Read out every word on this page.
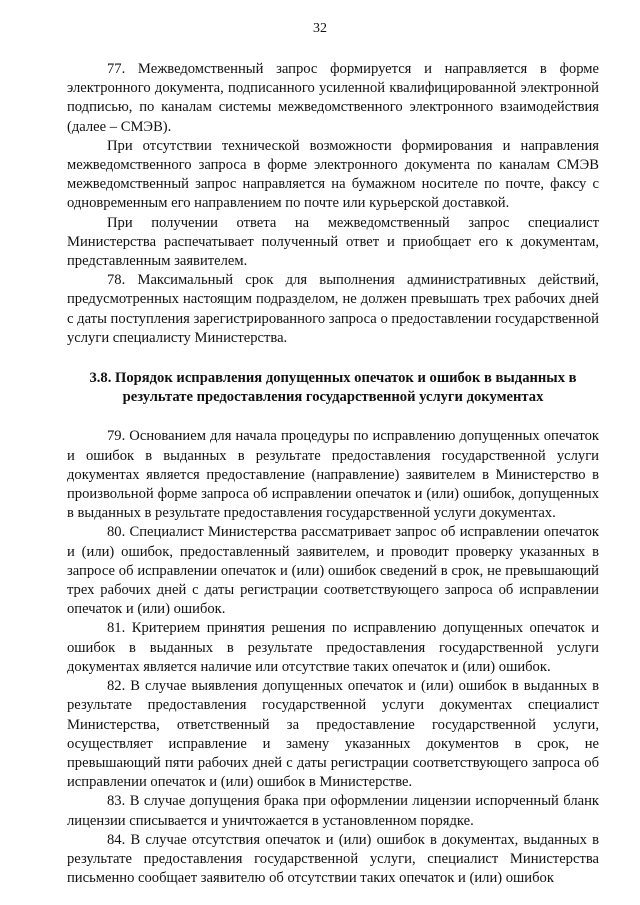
32

77. Межведомственный запрос формируется и направляется в форме электронного документа, подписанного усиленной квалифицированной электронной подписью, по каналам системы межведомственного электронного взаимодействия (далее – СМЭВ).

При отсутствии технической возможности формирования и направления межведомственного запроса в форме электронного документа по каналам СМЭВ межведомственный запрос направляется на бумажном носителе по почте, факсу с одновременным его направлением по почте или курьерской доставкой.

При получении ответа на межведомственный запрос специалист Министерства распечатывает полученный ответ и приобщает его к документам, представленным заявителем.

78. Максимальный срок для выполнения административных действий, предусмотренных настоящим подразделом, не должен превышать трех рабочих дней с даты поступления зарегистрированного запроса о предоставлении государственной услуги специалисту Министерства.

3.8. Порядок исправления допущенных опечаток и ошибок в выданных в результате предоставления государственной услуги документах

79. Основанием для начала процедуры по исправлению допущенных опечаток и ошибок в выданных в результате предоставления государственной услуги документах является предоставление (направление) заявителем в Министерство в произвольной форме запроса об исправлении опечаток и (или) ошибок, допущенных в выданных в результате предоставления государственной услуги документах.

80. Специалист Министерства рассматривает запрос об исправлении опечаток и (или) ошибок, предоставленный заявителем, и проводит проверку указанных в запросе об исправлении опечаток и (или) ошибок сведений в срок, не превышающий трех рабочих дней с даты регистрации соответствующего запроса об исправлении опечаток и (или) ошибок.

81. Критерием принятия решения по исправлению допущенных опечаток и ошибок в выданных в результате предоставления государственной услуги документах является наличие или отсутствие таких опечаток и (или) ошибок.

82. В случае выявления допущенных опечаток и (или) ошибок в выданных в результате предоставления государственной услуги документах специалист Министерства, ответственный за предоставление государственной услуги, осуществляет исправление и замену указанных документов в срок, не превышающий пяти рабочих дней с даты регистрации соответствующего запроса об исправлении опечаток и (или) ошибок в Министерстве.

83. В случае допущения брака при оформлении лицензии испорченный бланк лицензии списывается и уничтожается в установленном порядке.

84. В случае отсутствия опечаток и (или) ошибок в документах, выданных в результате предоставления государственной услуги, специалист Министерства письменно сообщает заявителю об отсутствии таких опечаток и (или) ошибок
